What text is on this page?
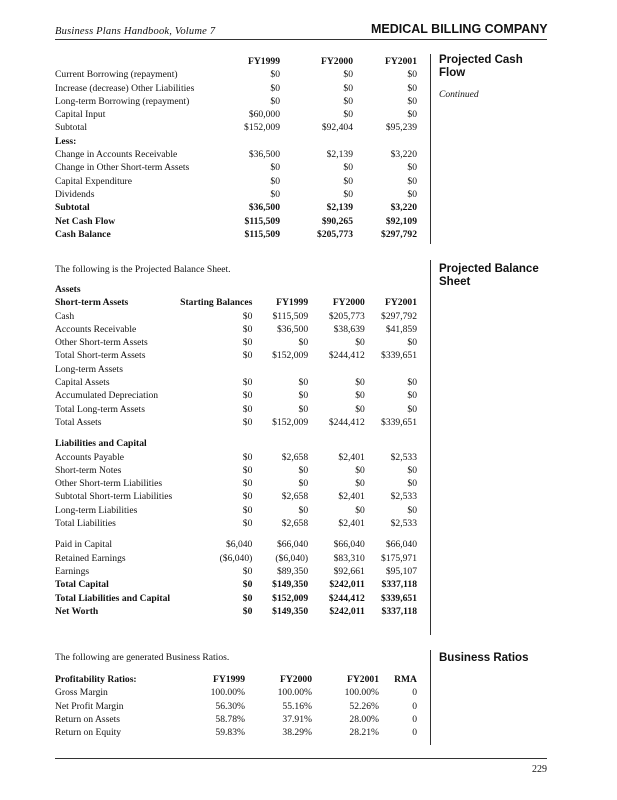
Business Plans Handbook, Volume 7	MEDICAL BILLING COMPANY
Projected Cash
Flow
Continued
	FY1999	FY2000	FY2001
Current Borrowing (repayment)	$0	$0	$0
Increase (decrease) Other Liabilities	$0	$0	$0
Long-term Borrowing (repayment)	$0	$0	$0
Capital Input	$60,000	$0	$0
Subtotal	$152,009	$92,404	$95,239
Less:			
Change in Accounts Receivable	$36,500	$2,139	$3,220
Change in Other Short-term Assets	$0	$0	$0
Capital Expenditure	$0	$0	$0
Dividends	$0	$0	$0
Subtotal	$36,500	$2,139	$3,220
Net Cash Flow	$115,509	$90,265	$92,109
Cash Balance	$115,509	$205,773	$297,792
The following is the Projected Balance Sheet.	Projected Balance
Sheet
Assets				
Short-term Assets	Starting Balances	FY1999	FY2000	FY2001
Cash	$0	$115,509	$205,773	$297,792
Accounts Receivable	$0	$36,500	$38,639	$41,859
Other Short-term Assets	$0	$0	$0	$0
Total Short-term Assets	$0	$152,009	$244,412	$339,651
Long-term Assets				
Capital Assets	$0	$0	$0	$0
Accumulated Depreciation	$0	$0	$0	$0
Total Long-term Assets	$0	$0	$0	$0
Total Assets	$0	$152,009	$244,412	$339,651

Liabilities and Capital				
Accounts Payable	$0	$2,658	$2,401	$2,533
Short-term Notes	$0	$0	$0	$0
Other Short-term Liabilities	$0	$0	$0	$0
Subtotal Short-term Liabilities	$0	$2,658	$2,401	$2,533
Long-term Liabilities	$0	$0	$0	$0
Total Liabilities	$0	$2,658	$2,401	$2,533

Paid in Capital	$6,040	$66,040	$66,040	$66,040
Retained Earnings	($6,040)	($6,040)	$83,310	$175,971
Earnings	$0	$89,350	$92,661	$95,107
Total Capital	$0	$149,350	$242,011	$337,118
Total Liabilities and Capital	$0	$152,009	$244,412	$339,651
Net Worth	$0	$149,350	$242,011	$337,118
The following are generated Business Ratios.	Business Ratios
Profitability Ratios:	FY1999	FY2000	FY2001	RMA
Gross Margin	100.00%	100.00%	100.00%	0
Net Profit Margin	56.30%	55.16%	52.26%	0
Return on Assets	58.78%	37.91%	28.00%	0
Return on Equity	59.83%	38.29%	28.21%	0
229
